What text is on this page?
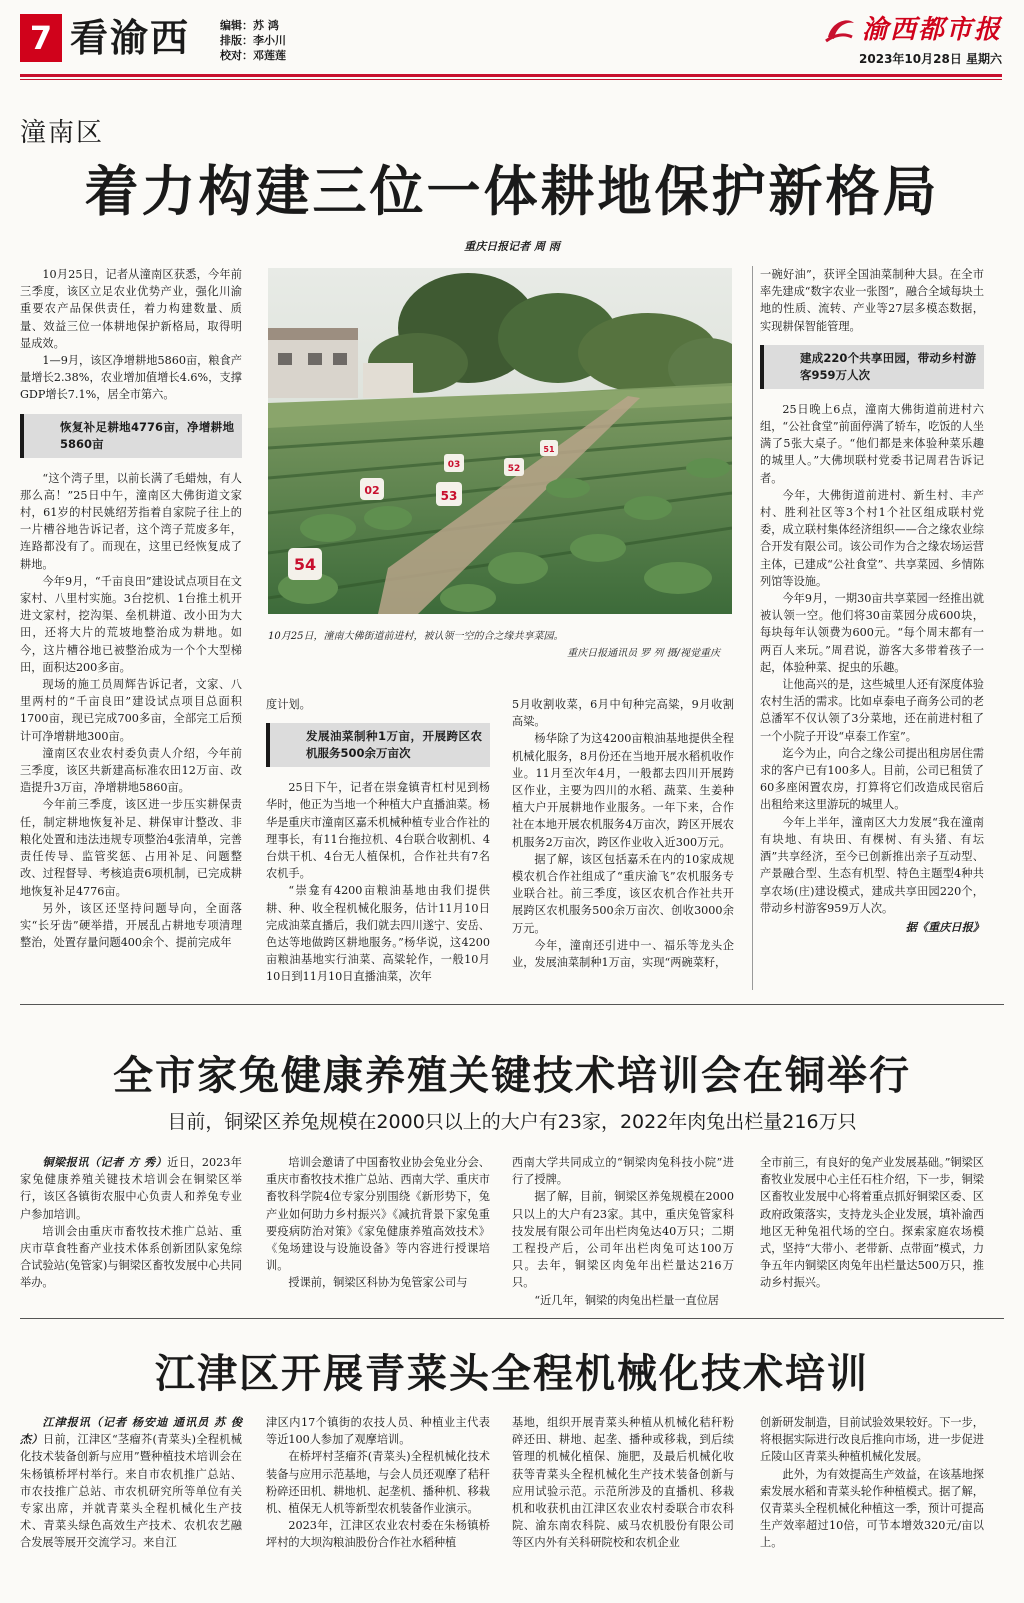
7 看渝西	编辑：苏 鸿
排版：李小川
校对：邓莲莲
渝西都市报
2023年10月28日 星期六
潼南区
着力构建三位一体耕地保护新格局
重庆日报记者 周 雨

10月25日，记者从潼南区获悉，今年前三季度，该区立足农业优势产业，强化川渝重要农产品保供责任，着力构建数量、质量、效益三位一体耕地保护新格局，取得明显成效。

1—9月，该区净增耕地5860亩，粮食产量增长2.38%，农业增加值增长4.6%，支撑GDP增长7.1%，居全市第六。

恢复补足耕地4776亩，净增耕地5860亩

“这个湾子里，以前长满了毛蜡烛，有人那么高！”25日中午，潼南区大佛街道文家村，61岁的村民姚绍芳指着自家院子往上的一片槽谷地告诉记者，这个湾子荒废多年，连路都没有了。而现在，这里已经恢复成了耕地。

今年9月，“千亩良田”建设试点项目在文家村、八里村实施。3台挖机、1台推土机开进文家村，挖沟渠、垒机耕道、改小田为大田，还将大片的荒坡地整治成为耕地。如今，这片槽谷地已被整治成为一个个大型梯田，面积达200多亩。

现场的施工员周辉告诉记者，文家、八里两村的“千亩良田”建设试点项目总面积1700亩，现已完成700多亩，全部完工后预计可净增耕地300亩。

潼南区农业农村委负责人介绍，今年前三季度，该区共新建高标准农田12万亩、改造提升3万亩，净增耕地5860亩。

今年前三季度，该区进一步压实耕保责任，制定耕地恢复补足、耕保审计整改、非粮化处置和违法违规专项整治4张清单，完善责任传导、监管奖惩、占用补足、问题整改、过程督导、考核追责6项机制，已完成耕地恢复补足4776亩。

另外，该区还坚持问题导向，全面落实“长牙齿”硬举措，开展乱占耕地专项清理整治，处置存量问题400余个、提前完成年

02	53
54
03	52
51
10月25日，潼南大佛街道前进村，被认领一空的合之缘共享菜园。
重庆日报通讯员 罗 列 摄/视觉重庆

度计划。

发展油菜制种1万亩，开展跨区农机服务500余万亩次

25日下午，记者在崇龛镇青杠村见到杨华时，他正为当地一个种植大户直播油菜。杨华是重庆市潼南区嘉禾机械种植专业合作社的理事长，有11台拖拉机、4台联合收割机、4台烘干机、4台无人植保机，合作社共有7名农机手。

“崇龛有4200亩粮油基地由我们提供耕、种、收全程机械化服务，估计11月10日完成油菜直播后，我们就去四川遂宁、安岳、色达等地做跨区耕地服务。”杨华说，这4200亩粮油基地实行油菜、高粱轮作，一般10月10日到11月10日直播油菜，次年

5月收割收菜，6月中旬种完高粱，9月收割高粱。

杨华除了为这4200亩粮油基地提供全程机械化服务，8月份还在当地开展水稻机收作业。11月至次年4月，一般都去四川开展跨区作业，主要为四川的水稻、蔬菜、生姜种植大户开展耕地作业服务。一年下来，合作社在本地开展农机服务4万亩次，跨区开展农机服务2万亩次，跨区作业收入近300万元。

据了解，该区包括嘉禾在内的10家成规模农机合作社组成了“重庆渝飞”农机服务专业联合社。前三季度，该区农机合作社共开展跨区农机服务500余万亩次、创收3000余万元。

今年，潼南还引进中一、福乐等龙头企业，发展油菜制种1万亩，实现“两碗菜籽，

一碗好油”，获评全国油菜制种大县。在全市率先建成“数字农业一张图”，融合全域每块土地的性质、流转、产业等27层多模态数据，实现耕保智能管理。

建成220个共享田园，带动乡村游客959万人次

25日晚上6点，潼南大佛街道前进村六组，“公社食堂”前面停满了轿车，吃饭的人坐满了5张大桌子。“他们都是来体验种菜乐趣的城里人。”大佛坝联村党委书记周君告诉记者。

今年，大佛街道前进村、新生村、丰产村、胜利社区等3个村1个社区组成联村党委，成立联村集体经济组织——合之缘农业综合开发有限公司。该公司作为合之缘农场运营主体，已建成“公社食堂”、共享菜园、乡情陈列馆等设施。

今年9月，一期30亩共享菜园一经推出就被认领一空。他们将30亩菜园分成600块，每块每年认领费为600元。“每个周末都有一两百人来玩。”周君说，游客大多带着孩子一起，体验种菜、捉虫的乐趣。

让他高兴的是，这些城里人还有深度体验农村生活的需求。比如卓泰电子商务公司的老总潘军不仅认领了3分菜地，还在前进村租了一个小院子开设“卓泰工作室”。

迄今为止，向合之缘公司提出租房居住需求的客户已有100多人。目前，公司已租赁了60多座闲置农房，打算将它们改造成民宿后出租给来这里游玩的城里人。

今年上半年，潼南区大力发展“我在潼南有块地、有块田、有棵树、有头猪、有坛酒”共享经济，至今已创新推出亲子互动型、产景融合型、生态有机型、特色主题型4种共享农场(庄)建设模式，建成共享田园220个，带动乡村游客959万人次。

据《重庆日报》

全市家兔健康养殖关键技术培训会在铜举行
目前，铜梁区养兔规模在2000只以上的大户有23家，2022年肉兔出栏量216万只

铜梁报讯（记者 方 秀）近日，2023年家兔健康养殖关键技术培训会在铜梁区举行，该区各镇街农服中心负责人和养兔专业户参加培训。

培训会由重庆市畜牧技术推广总站、重庆市草食牲畜产业技术体系创新团队家兔综合试验站(兔管家)与铜梁区畜牧发展中心共同举办。

培训会邀请了中国畜牧业协会兔业分会、重庆市畜牧技术推广总站、西南大学、重庆市畜牧科学院4位专家分别围绕《新形势下，兔产业如何助力乡村振兴》《减抗背景下家兔重要疫病防治对策》《家兔健康养殖高效技术》《兔场建设与设施设备》等内容进行授课培训。

授课前，铜梁区科协为兔管家公司与

西南大学共同成立的“铜梁肉兔科技小院”进行了授牌。

据了解，目前，铜梁区养兔规模在2000只以上的大户有23家。其中，重庆兔管家科技发展有限公司年出栏肉兔达40万只；二期工程投产后，公司年出栏肉兔可达100万只。去年，铜梁区肉兔年出栏量达216万只。

“近几年，铜梁的肉兔出栏量一直位居

全市前三，有良好的兔产业发展基础。”铜梁区畜牧业发展中心主任石柱介绍，下一步，铜梁区畜牧业发展中心将着重点抓好铜梁区委、区政府政策落实，支持龙头企业发展，填补渝西地区无种兔祖代场的空白。探索家庭农场模式，坚持“大带小、老带新、点带面”模式，力争五年内铜梁区肉兔年出栏量达500万只，推动乡村振兴。

江津区开展青菜头全程机械化技术培训

江津报讯（记者 杨安迪 通讯员 苏 俊 杰）日前，江津区“茎瘤芥(青菜头)全程机械化技术装备创新与应用”暨种植技术培训会在朱杨镇桥坪村举行。来自市农机推广总站、市农技推广总站、市农机研究所等单位有关专家出席，并就青菜头全程机械化生产技术、青菜头绿色高效生产技术、农机农艺融合发展等展开交流学习。来自江

津区内17个镇街的农技人员、种植业主代表等近100人参加了观摩培训。

在桥坪村茎瘤芥(青菜头)全程机械化技术装备与应用示范基地，与会人员还观摩了秸秆粉碎还田机、耕地机、起垄机、播种机、移栽机、植保无人机等新型农机装备作业演示。

2023年，江津区农业农村委在朱杨镇桥坪村的大坝沟粮油股份合作社水稻种植

基地，组织开展青菜头种植从机械化秸秆粉碎还田、耕地、起垄、播种或移栽，到后续管理的机械化植保、施肥，及最后机械化收获等青菜头全程机械化生产技术装备创新与应用试验示范。示范所涉及的直播机、移栽机和收获机由江津区农业农村委联合市农科院、渝东南农科院、威马农机股份有限公司等区内外有关科研院校和农机企业

创新研发制造，目前试验效果较好。下一步，将根据实际进行改良后推向市场，进一步促进丘陵山区青菜头种植机械化发展。

此外，为有效提高生产效益，在该基地探索发展水稻和青菜头轮作种植模式。据了解，仅青菜头全程机械化种植这一季，预计可提高生产效率超过10倍，可节本增效320元/亩以上。
